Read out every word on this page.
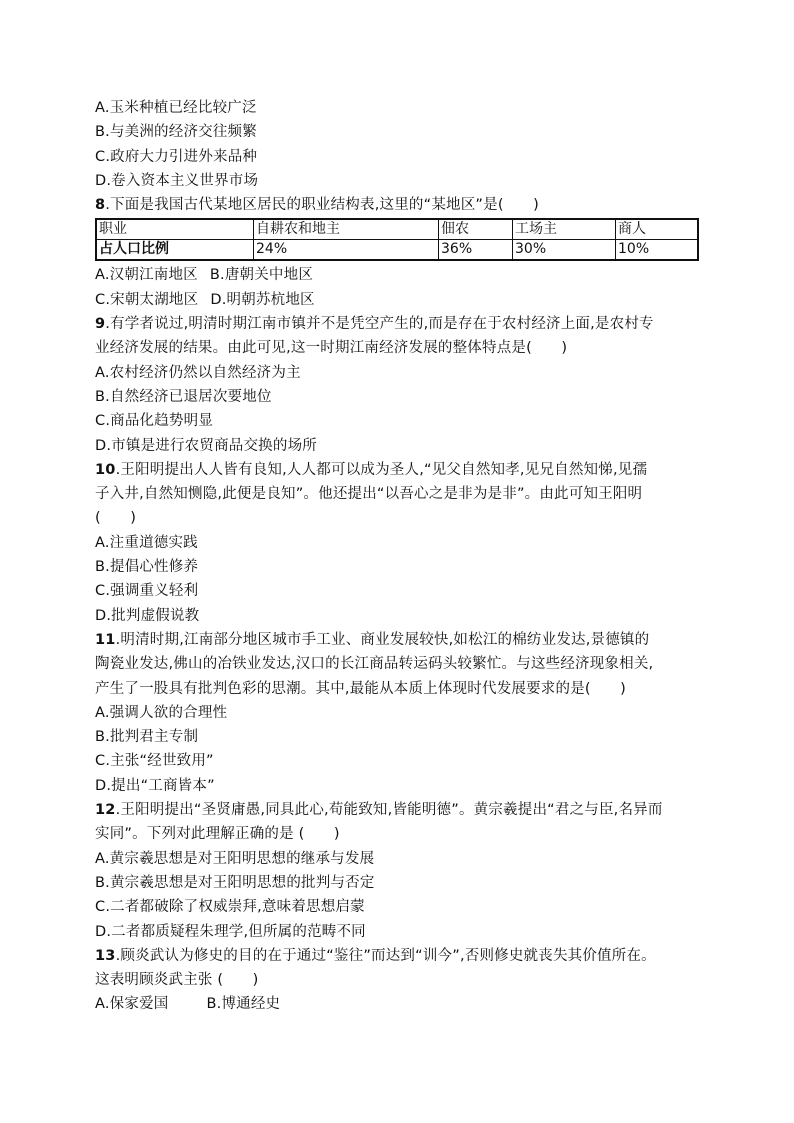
A.玉米种植已经比较广泛
B.与美洲的经济交往频繁
C.政府大力引进外来品种
D.卷入资本主义世界市场
8.下面是我国古代某地区居民的职业结构表,这里的“某地区”是(　　)
职业	自耕农和地主	佃农	工场主	商人
占人口比例	24%	36%	30%	10%
A.汉朝江南地区 B.唐朝关中地区
C.宋朝太湖地区 D.明朝苏杭地区
9.有学者说过,明清时期江南市镇并不是凭空产生的,而是存在于农村经济上面,是农村专
业经济发展的结果。由此可见,这一时期江南经济发展的整体特点是(　　)
A.农村经济仍然以自然经济为主
B.自然经济已退居次要地位
C.商品化趋势明显
D.市镇是进行农贸商品交换的场所
10.王阳明提出人人皆有良知,人人都可以成为圣人,“见父自然知孝,见兄自然知悌,见孺
子入井,自然知恻隐,此便是良知”。他还提出“以吾心之是非为是非”。由此可知王阳明
(　　)
A.注重道德实践
B.提倡心性修养
C.强调重义轻利
D.批判虚假说教
11.明清时期,江南部分地区城市手工业、商业发展较快,如松江的棉纺业发达,景德镇的
陶瓷业发达,佛山的冶铁业发达,汉口的长江商品转运码头较繁忙。与这些经济现象相关,
产生了一股具有批判色彩的思潮。其中,最能从本质上体现时代发展要求的是(　　)
A.强调人欲的合理性
B.批判君主专制
C.主张“经世致用”
D.提出“工商皆本”
12.王阳明提出“圣贤庸愚,同具此心,苟能致知,皆能明德”。黄宗羲提出“君之与臣,名异而
实同”。下列对此理解正确的是 (　　)
A.黄宗羲思想是对王阳明思想的继承与发展
B.黄宗羲思想是对王阳明思想的批判与否定
C.二者都破除了权威崇拜,意味着思想启蒙
D.二者都质疑程朱理学,但所属的范畴不同
13.顾炎武认为修史的目的在于通过“鉴往”而达到“训今”,否则修史就丧失其价值所在。
这表明顾炎武主张 (　　)
A.保家爱国	B.博通经史
